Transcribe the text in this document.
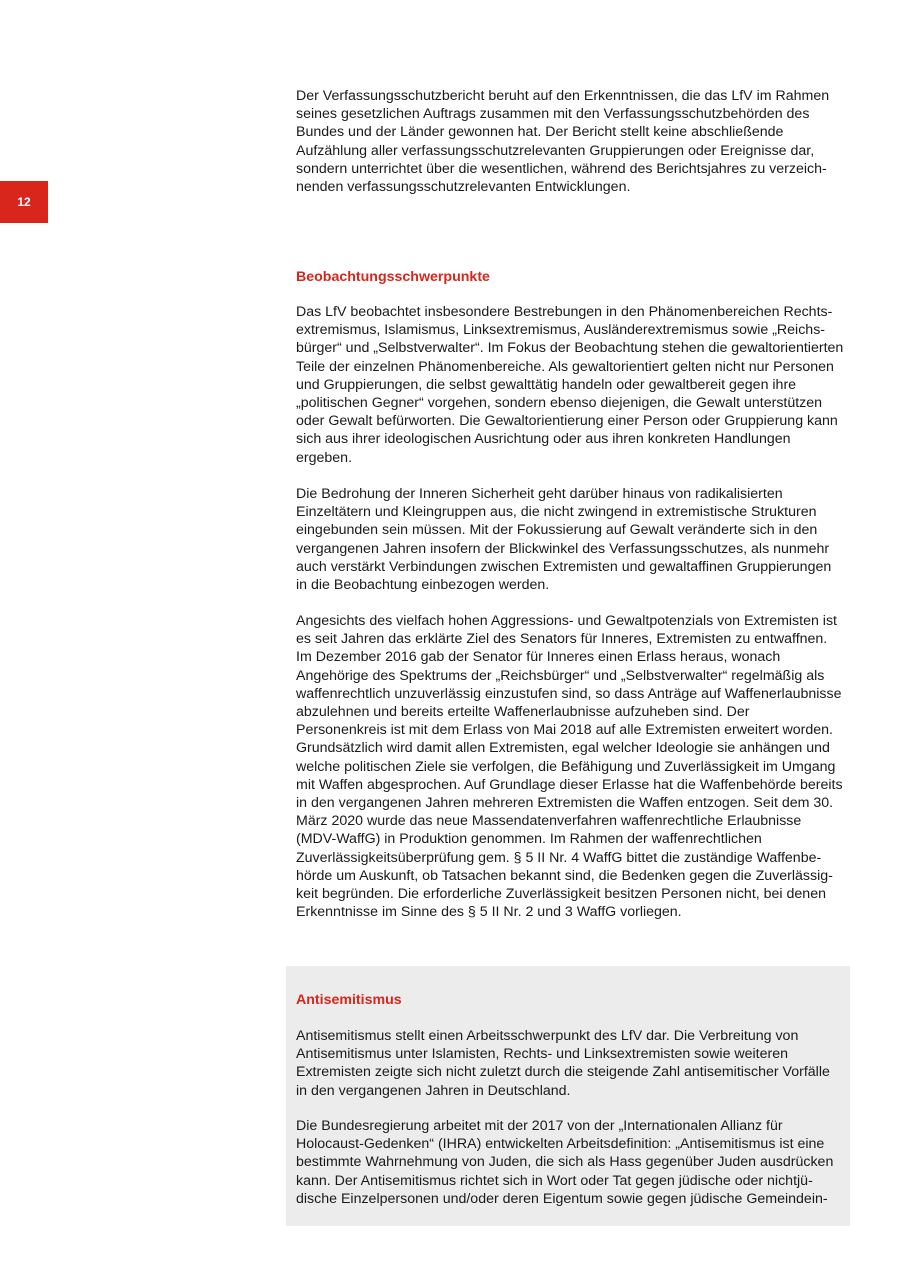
12

Der Verfassungsschutzbericht beruht auf den Erkenntnissen, die das LfV im Rahmen seines gesetzlichen Auftrags zusammen mit den Verfassungsschutzbehörden des Bundes und der Länder gewonnen hat. Der Bericht stellt keine abschließende Aufzählung aller verfassungsschutzrelevanten Gruppierungen oder Ereignisse dar, sondern unterrichtet über die wesentlichen, während des Berichtsjahres zu verzeichnenden verfassungsschutzrelevanten Entwicklungen.

Beobachtungsschwerpunkte

Das LfV beobachtet insbesondere Bestrebungen in den Phänomenbereichen Rechtsextremismus, Islamismus, Linksextremismus, Ausländerextremismus sowie „Reichsbürger“ und „Selbstverwalter“. Im Fokus der Beobachtung stehen die gewaltorientierten Teile der einzelnen Phänomenbereiche. Als gewaltorientiert gelten nicht nur Personen und Gruppierungen, die selbst gewalttätig handeln oder gewaltbereit gegen ihre „politischen Gegner“ vorgehen, sondern ebenso diejenigen, die Gewalt unterstützen oder Gewalt befürworten. Die Gewaltorientierung einer Person oder Gruppierung kann sich aus ihrer ideologischen Ausrichtung oder aus ihren konkreten Handlungen ergeben.

Die Bedrohung der Inneren Sicherheit geht darüber hinaus von radikalisierten Einzeltätern und Kleingruppen aus, die nicht zwingend in extremistische Strukturen eingebunden sein müssen. Mit der Fokussierung auf Gewalt veränderte sich in den vergangenen Jahren insofern der Blickwinkel des Verfassungsschutzes, als nunmehr auch verstärkt Verbindungen zwischen Extremisten und gewaltaffinen Gruppierungen in die Beobachtung einbezogen werden.

Angesichts des vielfach hohen Aggressions- und Gewaltpotenzials von Extremisten ist es seit Jahren das erklärte Ziel des Senators für Inneres, Extremisten zu entwaffnen. Im Dezember 2016 gab der Senator für Inneres einen Erlass heraus, wonach Angehörige des Spektrums der „Reichsbürger“ und „Selbstverwalter“ regelmäßig als waffenrechtlich unzuverlässig einzustufen sind, so dass Anträge auf Waffenerlaubnisse abzulehnen und bereits erteilte Waffenerlaubnisse aufzuheben sind. Der Personenkreis ist mit dem Erlass von Mai 2018 auf alle Extremisten erweitert worden. Grundsätzlich wird damit allen Extremisten, egal welcher Ideologie sie anhängen und welche politischen Ziele sie verfolgen, die Befähigung und Zuverlässigkeit im Umgang mit Waffen abgesprochen. Auf Grundlage dieser Erlasse hat die Waffenbehörde bereits in den vergangenen Jahren mehreren Extremisten die Waffen entzogen. Seit dem 30. März 2020 wurde das neue Massendatenverfahren waffenrechtliche Erlaubnisse (MDV-WaffG) in Produktion genommen. Im Rahmen der waffenrechtlichen Zuverlässigkeitsüberprüfung gem. § 5 II Nr. 4 WaffG bittet die zuständige Waffenbehörde um Auskunft, ob Tatsachen bekannt sind, die Bedenken gegen die Zuverlässigkeit begründen. Die erforderliche Zuverlässigkeit besitzen Personen nicht, bei denen Erkenntnisse im Sinne des § 5 II Nr. 2 und 3 WaffG vorliegen.

Antisemitismus

Antisemitismus stellt einen Arbeitsschwerpunkt des LfV dar. Die Verbreitung von Antisemitismus unter Islamisten, Rechts- und Linksextremisten sowie weiteren Extremisten zeigte sich nicht zuletzt durch die steigende Zahl antisemitischer Vorfälle in den vergangenen Jahren in Deutschland.

Die Bundesregierung arbeitet mit der 2017 von der „Internationalen Allianz für Holocaust-Gedenken“ (IHRA) entwickelten Arbeitsdefinition: „Antisemitismus ist eine bestimmte Wahrnehmung von Juden, die sich als Hass gegenüber Juden ausdrücken kann. Der Antisemitismus richtet sich in Wort oder Tat gegen jüdische oder nichtjüdische Einzelpersonen und/oder deren Eigentum sowie gegen jüdische Gemeindein-
